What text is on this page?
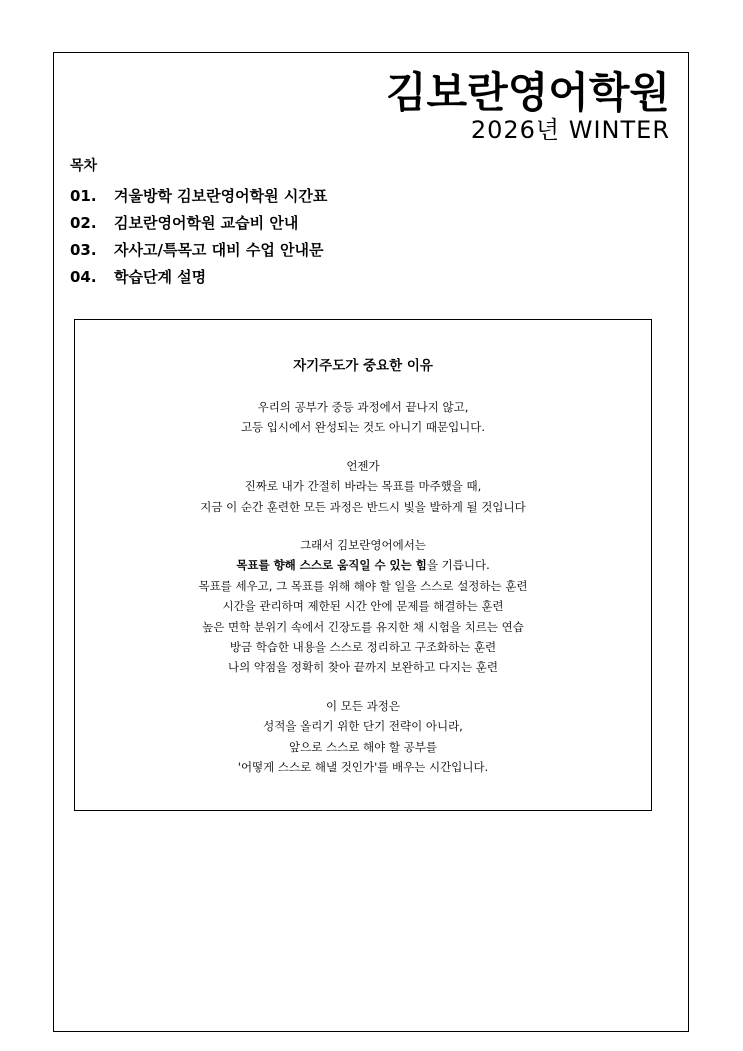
김보란영어학원
2026년 WINTER
목차
01. 겨울방학 김보란영어학원 시간표
02. 김보란영어학원 교습비 안내
03. 자사고/특목고 대비 수업 안내문
04. 학습단계 설명
자기주도가 중요한 이유
우리의 공부가 중등 과정에서 끝나지 않고,
고등 입시에서 완성되는 것도 아니기 때문입니다.
언젠가
진짜로 내가 간절히 바라는 목표를 마주했을 때,
지금 이 순간 훈련한 모든 과정은 반드시 빛을 발하게 될 것입니다
그래서 김보란영어에서는
목표를 향해 스스로 움직일 수 있는 힘을 기릅니다.
목표를 세우고, 그 목표를 위해 해야 할 일을 스스로 설정하는 훈련
시간을 관리하며 제한된 시간 안에 문제를 해결하는 훈련
높은 면학 분위기 속에서 긴장도를 유지한 채 시험을 치르는 연습
방금 학습한 내용을 스스로 정리하고 구조화하는 훈련
나의 약점을 정확히 찾아 끝까지 보완하고 다지는 훈련
이 모든 과정은
성적을 올리기 위한 단기 전략이 아니라,
앞으로 스스로 해야 할 공부를
'어떻게 스스로 해낼 것인가'를 배우는 시간입니다.
